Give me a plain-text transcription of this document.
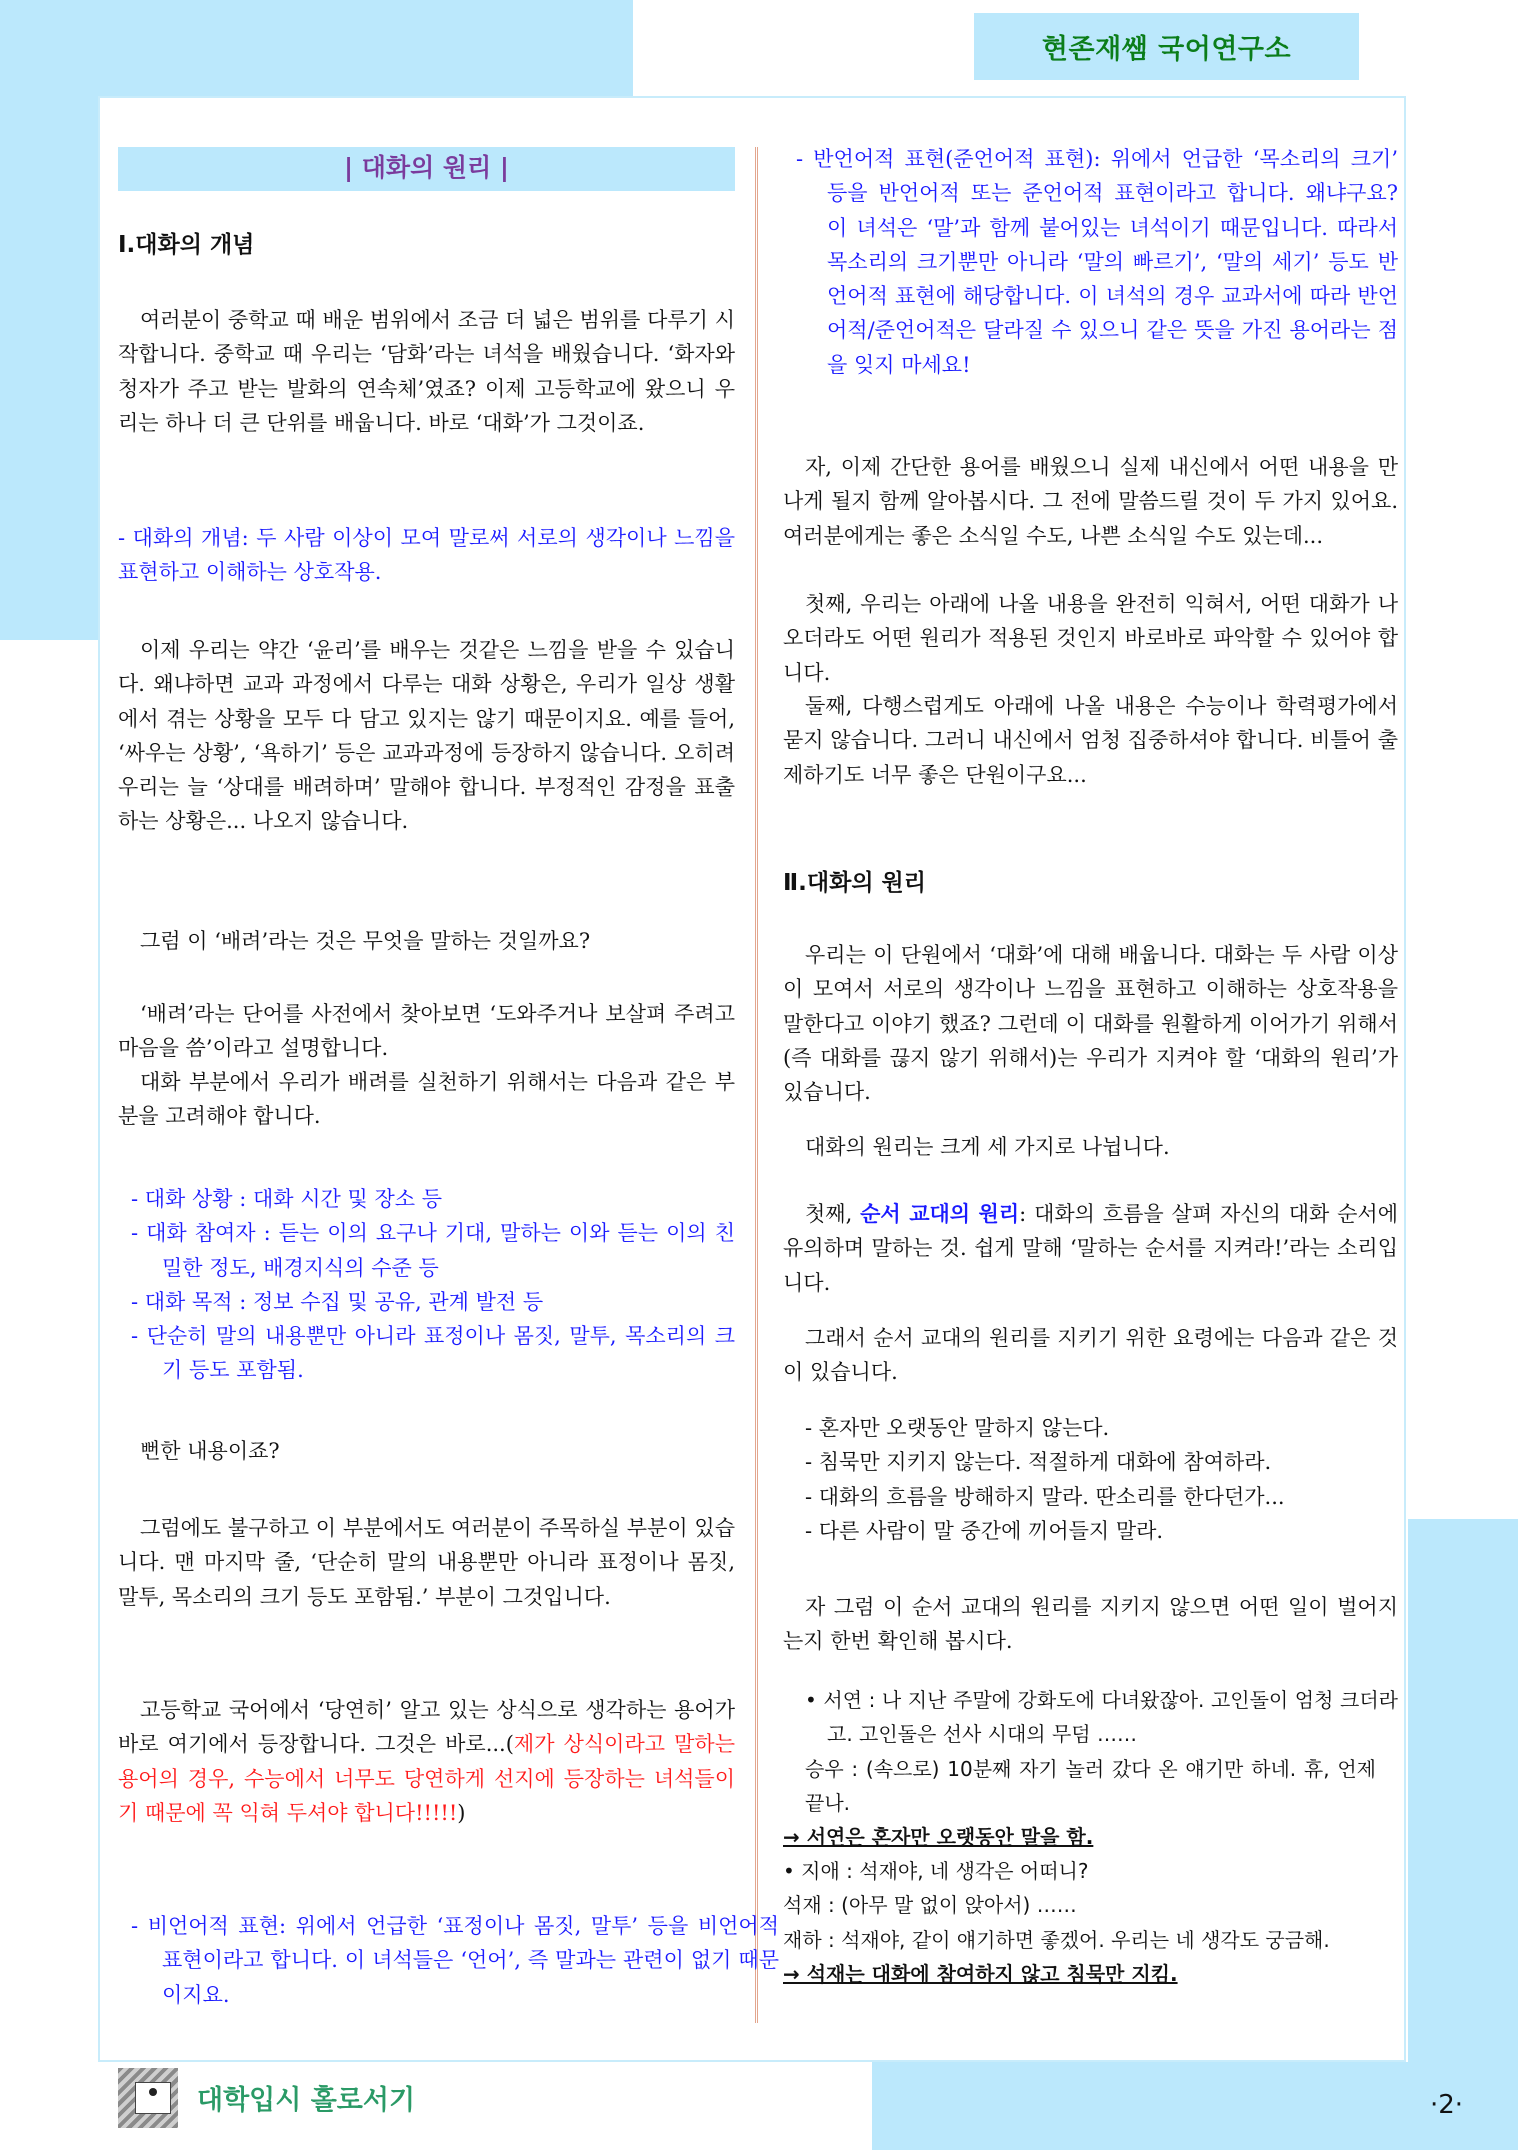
현존재쌤 국어연구소
| 대화의 원리 |
Ⅰ.대화의 개념
여러분이 중학교 때 배운 범위에서 조금 더 넓은 범위를 다루기 시작합니다. 중학교 때 우리는 ‘담화’라는 녀석을 배웠습니다. ‘화자와 청자가 주고 받는 발화의 연속체’였죠? 이제 고등학교에 왔으니 우리는 하나 더 큰 단위를 배웁니다. 바로 ‘대화’가 그것이죠.
- 대화의 개념: 두 사람 이상이 모여 말로써 서로의 생각이나 느낌을 표현하고 이해하는 상호작용.
이제 우리는 약간 ‘윤리’를 배우는 것같은 느낌을 받을 수 있습니다. 왜냐하면 교과 과정에서 다루는 대화 상황은, 우리가 일상 생활에서 겪는 상황을 모두 다 담고 있지는 않기 때문이지요. 예를 들어, ‘싸우는 상황’, ‘욕하기’ 등은 교과과정에 등장하지 않습니다. 오히려 우리는 늘 ‘상대를 배려하며’ 말해야 합니다. 부정적인 감정을 표출하는 상황은... 나오지 않습니다.
그럼 이 ‘배려’라는 것은 무엇을 말하는 것일까요?
‘배려’라는 단어를 사전에서 찾아보면 ‘도와주거나 보살펴 주려고 마음을 씀’이라고 설명합니다.
대화 부분에서 우리가 배려를 실천하기 위해서는 다음과 같은 부분을 고려해야 합니다.
- 대화 상황 : 대화 시간 및 장소 등
- 대화 참여자 : 듣는 이의 요구나 기대, 말하는 이와 듣는 이의 친밀한 정도, 배경지식의 수준 등
- 대화 목적 : 정보 수집 및 공유, 관계 발전 등
- 단순히 말의 내용뿐만 아니라 표정이나 몸짓, 말투, 목소리의 크기 등도 포함됨.
뻔한 내용이죠?
그럼에도 불구하고 이 부분에서도 여러분이 주목하실 부분이 있습니다. 맨 마지막 줄, ‘단순히 말의 내용뿐만 아니라 표정이나 몸짓, 말투, 목소리의 크기 등도 포함됨.’ 부분이 그것입니다.
고등학교 국어에서 ‘당연히’ 알고 있는 상식으로 생각하는 용어가 바로 여기에서 등장합니다. 그것은 바로...(제가 상식이라고 말하는 용어의 경우, 수능에서 너무도 당연하게 선지에 등장하는 녀석들이기 때문에 꼭 익혀 두셔야 합니다!!!!!)
- 비언어적 표현: 위에서 언급한 ‘표정이나 몸짓, 말투’ 등을 비언어적 표현이라고 합니다. 이 녀석들은 ‘언어’, 즉 말과는 관련이 없기 때문이지요.
- 반언어적 표현(준언어적 표현): 위에서 언급한 ‘목소리의 크기’ 등을 반언어적 또는 준언어적 표현이라고 합니다. 왜냐구요? 이 녀석은 ‘말’과 함께 붙어있는 녀석이기 때문입니다. 따라서 목소리의 크기뿐만 아니라 ‘말의 빠르기’, ‘말의 세기’ 등도 반언어적 표현에 해당합니다. 이 녀석의 경우 교과서에 따라 반언어적/준언어적은 달라질 수 있으니 같은 뜻을 가진 용어라는 점을 잊지 마세요!
자, 이제 간단한 용어를 배웠으니 실제 내신에서 어떤 내용을 만나게 될지 함께 알아봅시다. 그 전에 말씀드릴 것이 두 가지 있어요. 여러분에게는 좋은 소식일 수도, 나쁜 소식일 수도 있는데...
첫째, 우리는 아래에 나올 내용을 완전히 익혀서, 어떤 대화가 나오더라도 어떤 원리가 적용된 것인지 바로바로 파악할 수 있어야 합니다.
둘째, 다행스럽게도 아래에 나올 내용은 수능이나 학력평가에서 묻지 않습니다. 그러니 내신에서 엄청 집중하셔야 합니다. 비틀어 출제하기도 너무 좋은 단원이구요...
Ⅱ.대화의 원리
우리는 이 단원에서 ‘대화’에 대해 배웁니다. 대화는 두 사람 이상이 모여서 서로의 생각이나 느낌을 표현하고 이해하는 상호작용을 말한다고 이야기 했죠? 그런데 이 대화를 원활하게 이어가기 위해서(즉 대화를 끊지 않기 위해서)는 우리가 지켜야 할 ‘대화의 원리’가 있습니다.
대화의 원리는 크게 세 가지로 나뉩니다.
첫째, 순서 교대의 원리: 대화의 흐름을 살펴 자신의 대화 순서에 유의하며 말하는 것. 쉽게 말해 ‘말하는 순서를 지켜라!’라는 소리입니다.
그래서 순서 교대의 원리를 지키기 위한 요령에는 다음과 같은 것이 있습니다.
- 혼자만 오랫동안 말하지 않는다.
- 침묵만 지키지 않는다. 적절하게 대화에 참여하라.
- 대화의 흐름을 방해하지 말라. 딴소리를 한다던가...
- 다른 사람이 말 중간에 끼어들지 말라.
자 그럼 이 순서 교대의 원리를 지키지 않으면 어떤 일이 벌어지는지 한번 확인해 봅시다.
• 서연 : 나 지난 주말에 강화도에 다녀왔잖아. 고인돌이 엄청 크더라고. 고인돌은 선사 시대의 무덤 ……
승우 : (속으로) 10분째 자기 놀러 갔다 온 얘기만 하네. 휴, 언제 끝나.
→ 서연은 혼자만 오랫동안 말을 함.
• 지애 : 석재야, 네 생각은 어떠니?
석재 : (아무 말 없이 앉아서) ……
재하 : 석재야, 같이 얘기하면 좋겠어. 우리는 네 생각도 궁금해.
→ 석재는 대화에 참여하지 않고 침묵만 지킴.
대학입시 홀로서기	·2·
